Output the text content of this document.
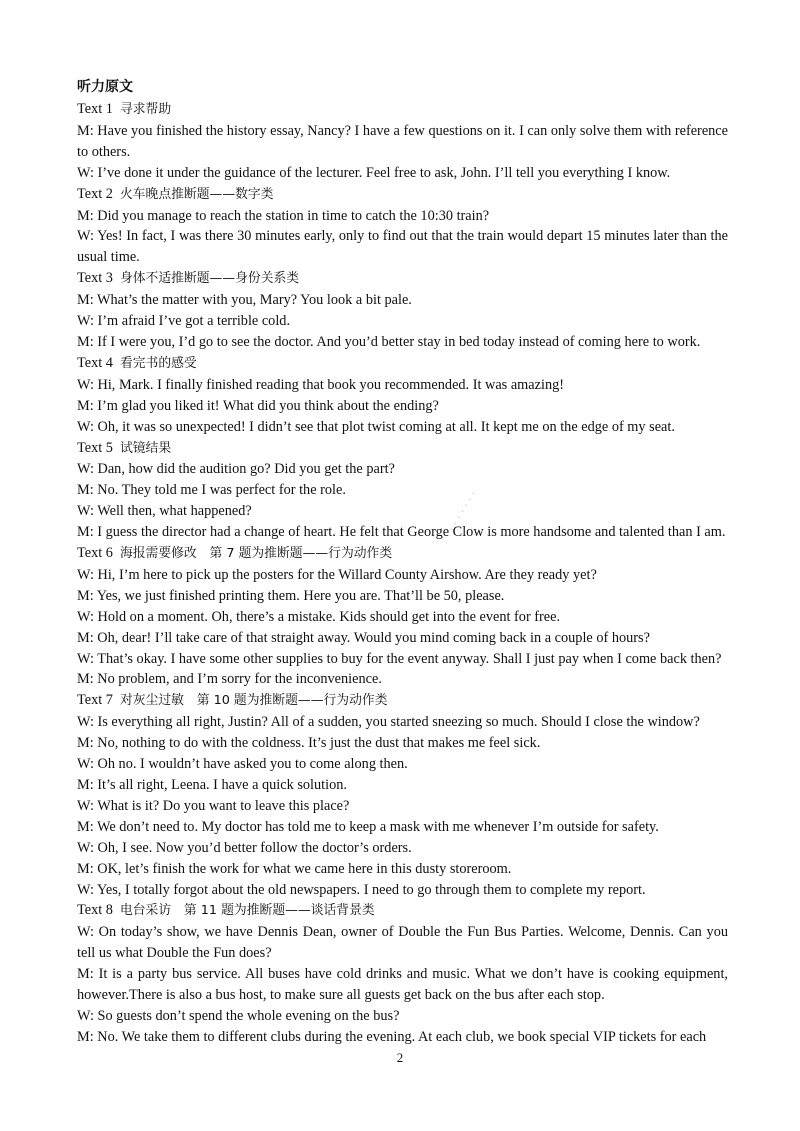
听力原文
Text 1 寻求帮助
M: Have you finished the history essay, Nancy? I have a few questions on it. I can only solve them with reference to others.
W: I’ve done it under the guidance of the lecturer. Feel free to ask, John. I’ll tell you everything I know.
Text 2 火车晚点推断题——数字类
M: Did you manage to reach the station in time to catch the 10:30 train?
W: Yes! In fact, I was there 30 minutes early, only to find out that the train would depart 15 minutes later than the usual time.
Text 3 身体不适推断题——身份关系类
M: What’s the matter with you, Mary? You look a bit pale.
W: I’m afraid I’ve got a terrible cold.
M: If I were you, I’d go to see the doctor. And you’d better stay in bed today instead of coming here to work.
Text 4 看完书的感受
W: Hi, Mark. I finally finished reading that book you recommended. It was amazing!
M: I’m glad you liked it! What did you think about the ending?
W: Oh, it was so unexpected! I didn’t see that plot twist coming at all. It kept me on the edge of my seat.
Text 5 试镜结果
W: Dan, how did the audition go? Did you get the part?
M: No. They told me I was perfect for the role.
W: Well then, what happened?
M: I guess the director had a change of heart. He felt that George Clow is more handsome and talented than I am.
Text 6 海报需要修改　第 7 题为推断题——行为动作类
W: Hi, I’m here to pick up the posters for the Willard County Airshow. Are they ready yet?
M: Yes, we just finished printing them. Here you are. That’ll be 50, please.
W: Hold on a moment. Oh, there’s a mistake. Kids should get into the event for free.
M: Oh, dear! I’ll take care of that straight away. Would you mind coming back in a couple of hours?
W: That’s okay. I have some other supplies to buy for the event anyway. Shall I just pay when I come back then?
M: No problem, and I’m sorry for the inconvenience.
Text 7 对灰尘过敏　第 10 题为推断题——行为动作类
W: Is everything all right, Justin? All of a sudden, you started sneezing so much. Should I close the window?
M: No, nothing to do with the coldness. It’s just the dust that makes me feel sick.
W: Oh no. I wouldn’t have asked you to come along then.
M: It’s all right, Leena. I have a quick solution.
W: What is it? Do you want to leave this place?
M: We don’t need to. My doctor has told me to keep a mask with me whenever I’m outside for safety.
W: Oh, I see. Now you’d better follow the doctor’s orders.
M: OK, let’s finish the work for what we came here in this dusty storeroom.
W: Yes, I totally forgot about the old newspapers. I need to go through them to complete my report.
Text 8 电台采访　第 11 题为推断题——谈话背景类
W: On today’s show, we have Dennis Dean, owner of Double the Fun Bus Parties. Welcome, Dennis. Can you tell us what Double the Fun does?
M: It is a party bus service. All buses have cold drinks and music. What we don’t have is cooking equipment, however.There is also a bus host, to make sure all guests get back on the bus after each stop.
W: So guests don’t spend the whole evening on the bus?
M: No. We take them to different clubs during the evening. At each club, we book special VIP tickets for each
2
· · · · · · ·
